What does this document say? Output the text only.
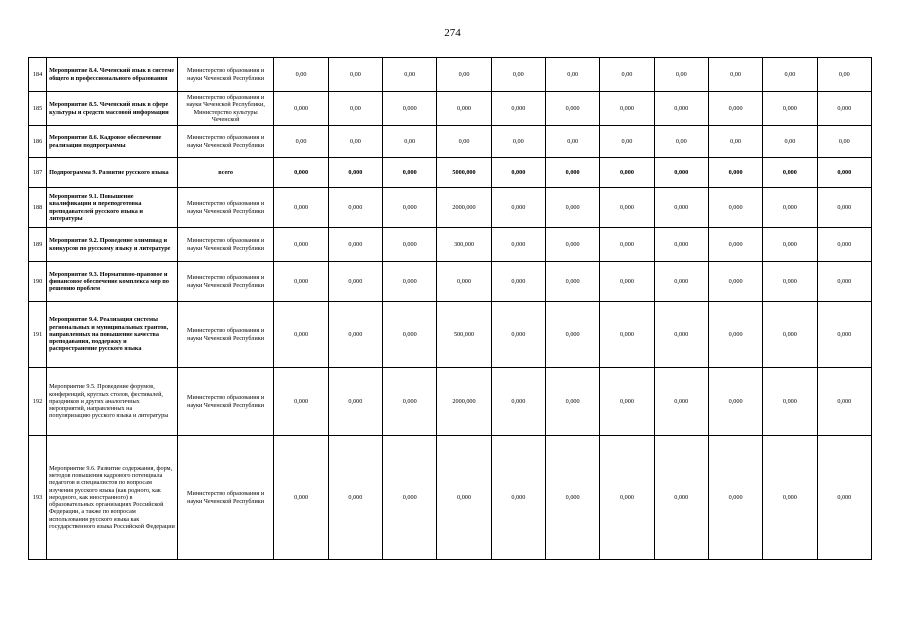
274
184	Мероприятие 8.4. Чеченский язык в системе общего и профессионального образования	Министерство образования и науки Чеченской Республики	0,00	0,00	0,00	0,00	0,00	0,00	0,00	0,00	0,00	0,00	0,00
185	Мероприятие 8.5. Чеченский язык в сфере культуры и средств массовой информации	Министерство образования и науки Чеченской Республики, Министерство культуры Чеченской	0,000	0,00	0,000	0,000	0,000	0,000	0,000	0,000	0,000	0,000	0,000
186	Мероприятие 8.6. Кадровое обеспечение реализации подпрограммы	Министерство образования и науки Чеченской Республики	0,00	0,00	0,00	0,00	0,00	0,00	0,00	0,00	0,00	0,00	0,00
187	Подпрограмма 9. Развитие русского языка	всего	0,000	0,000	0,000	5000,000	0,000	0,000	0,000	0,000	0,000	0,000	0,000
188	Мероприятие 9.1. Повышение квалификации и переподготовка преподавателей русского языка и литературы	Министерство образования и науки Чеченской Республики	0,000	0,000	0,000	2000,000	0,000	0,000	0,000	0,000	0,000	0,000	0,000
189	Мероприятие 9.2. Проведение олимпиад и конкурсов по русскому языку и литературе	Министерство образования и науки Чеченской Республики	0,000	0,000	0,000	300,000	0,000	0,000	0,000	0,000	0,000	0,000	0,000
190	Мероприятие 9.3. Нормативно-правовое и финансовое обеспечение комплекса мер по решению проблем	Министерство образования и науки Чеченской Республики	0,000	0,000	0,000	0,000	0,000	0,000	0,000	0,000	0,000	0,000	0,000
191	Мероприятие 9.4. Реализация системы региональных и муниципальных грантов, направленных на повышение качества преподавания, поддержку и распространение русского языка	Министерство образования и науки Чеченской Республики	0,000	0,000	0,000	500,000	0,000	0,000	0,000	0,000	0,000	0,000	0,000
192	Мероприятие 9.5. Проведение форумов, конференций, круглых столов, фестивалей, праздников и других аналогичных мероприятий, направленных на популяризацию русского языка и литературы	Министерство образования и науки Чеченской Республики	0,000	0,000	0,000	2000,000	0,000	0,000	0,000	0,000	0,000	0,000	0,000
193	Мероприятие 9.6. Развитие содержания, форм, методов повышения кадрового потенциала педагогов и специалистов по вопросам изучения русского языка (как родного, как неродного, как иностранного) в образовательных организациях Российской Федерации, а также по вопросам использования русского языка как государственного языка Российской Федерации	Министерство образования и науки Чеченской Республики	0,000	0,000	0,000	0,000	0,000	0,000	0,000	0,000	0,000	0,000	0,000
